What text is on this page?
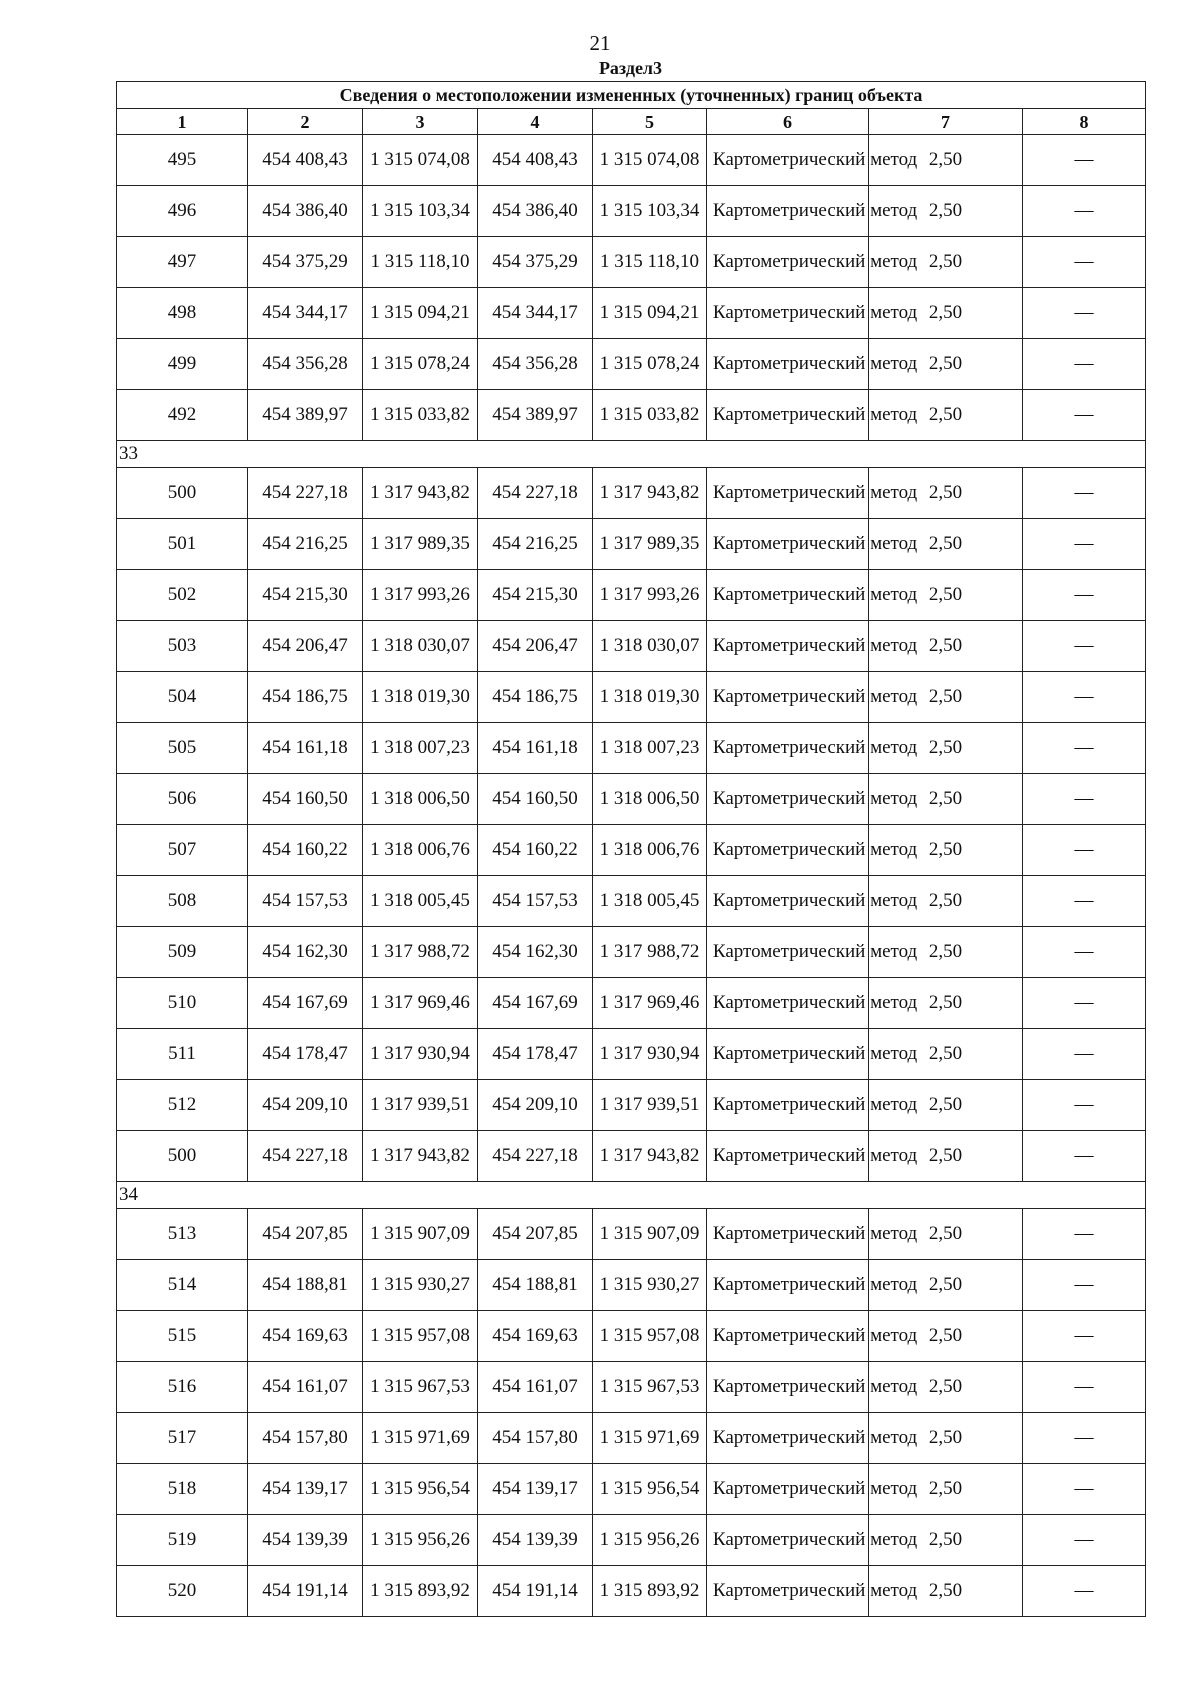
21
Раздел3
Сведения о местоположении измененных (уточненных) границ объекта							
1	2	3	4	5	6	7	8
495	454 408,43	1 315 074,08	454 408,43	1 315 074,08	Картометрический метод	2,50	—
496	454 386,40	1 315 103,34	454 386,40	1 315 103,34	Картометрический метод	2,50	—
497	454 375,29	1 315 118,10	454 375,29	1 315 118,10	Картометрический метод	2,50	—
498	454 344,17	1 315 094,21	454 344,17	1 315 094,21	Картометрический метод	2,50	—
499	454 356,28	1 315 078,24	454 356,28	1 315 078,24	Картометрический метод	2,50	—
492	454 389,97	1 315 033,82	454 389,97	1 315 033,82	Картометрический метод	2,50	—
33							
500	454 227,18	1 317 943,82	454 227,18	1 317 943,82	Картометрический метод	2,50	—
501	454 216,25	1 317 989,35	454 216,25	1 317 989,35	Картометрический метод	2,50	—
502	454 215,30	1 317 993,26	454 215,30	1 317 993,26	Картометрический метод	2,50	—
503	454 206,47	1 318 030,07	454 206,47	1 318 030,07	Картометрический метод	2,50	—
504	454 186,75	1 318 019,30	454 186,75	1 318 019,30	Картометрический метод	2,50	—
505	454 161,18	1 318 007,23	454 161,18	1 318 007,23	Картометрический метод	2,50	—
506	454 160,50	1 318 006,50	454 160,50	1 318 006,50	Картометрический метод	2,50	—
507	454 160,22	1 318 006,76	454 160,22	1 318 006,76	Картометрический метод	2,50	—
508	454 157,53	1 318 005,45	454 157,53	1 318 005,45	Картометрический метод	2,50	—
509	454 162,30	1 317 988,72	454 162,30	1 317 988,72	Картометрический метод	2,50	—
510	454 167,69	1 317 969,46	454 167,69	1 317 969,46	Картометрический метод	2,50	—
511	454 178,47	1 317 930,94	454 178,47	1 317 930,94	Картометрический метод	2,50	—
512	454 209,10	1 317 939,51	454 209,10	1 317 939,51	Картометрический метод	2,50	—
500	454 227,18	1 317 943,82	454 227,18	1 317 943,82	Картометрический метод	2,50	—
34							
513	454 207,85	1 315 907,09	454 207,85	1 315 907,09	Картометрический метод	2,50	—
514	454 188,81	1 315 930,27	454 188,81	1 315 930,27	Картометрический метод	2,50	—
515	454 169,63	1 315 957,08	454 169,63	1 315 957,08	Картометрический метод	2,50	—
516	454 161,07	1 315 967,53	454 161,07	1 315 967,53	Картометрический метод	2,50	—
517	454 157,80	1 315 971,69	454 157,80	1 315 971,69	Картометрический метод	2,50	—
518	454 139,17	1 315 956,54	454 139,17	1 315 956,54	Картометрический метод	2,50	—
519	454 139,39	1 315 956,26	454 139,39	1 315 956,26	Картометрический метод	2,50	—
520	454 191,14	1 315 893,92	454 191,14	1 315 893,92	Картометрический метод	2,50	—
